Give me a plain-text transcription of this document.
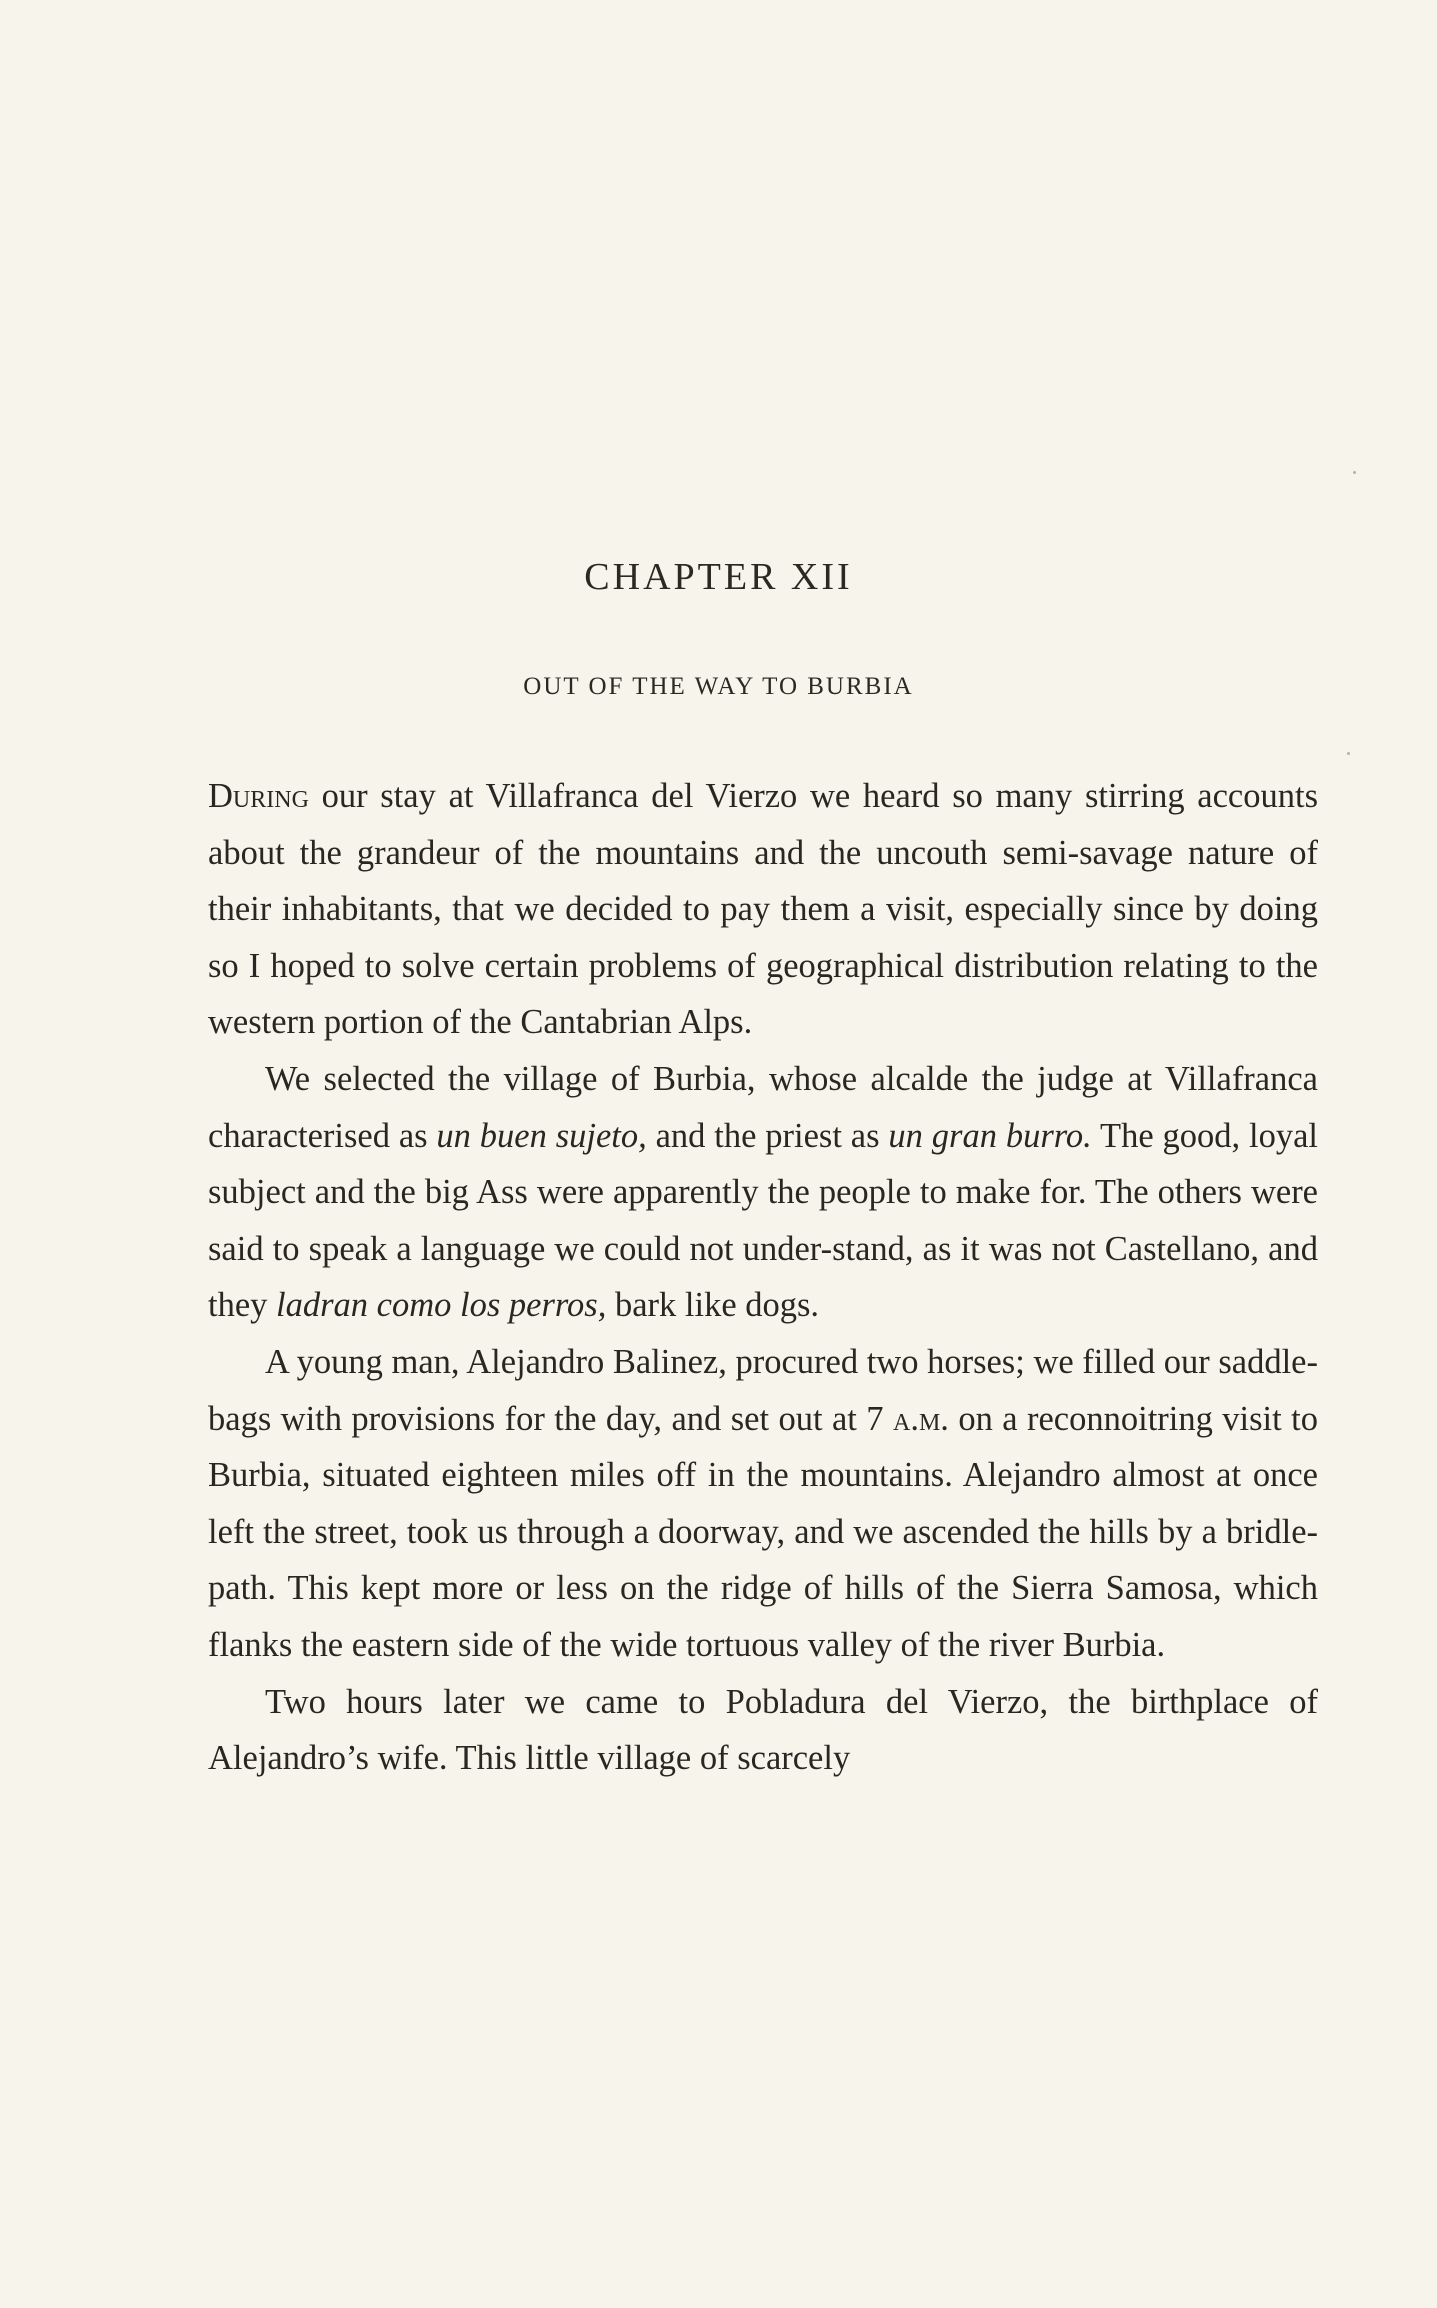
CHAPTER XII
OUT OF THE WAY TO BURBIA

During our stay at Villafranca del Vierzo we heard so many stirring accounts about the grandeur of the mountains and the uncouth semi-savage nature of their inhabitants, that we decided to pay them a visit, especially since by doing so I hoped to solve certain problems of geographical distribution relating to the western portion of the Cantabrian Alps.

We selected the village of Burbia, whose alcalde the judge at Villafranca characterised as un buen sujeto, and the priest as un gran burro. The good, loyal subject and the big Ass were apparently the people to make for. The others were said to speak a language we could not under-stand, as it was not Castellano, and they ladran como los perros, bark like dogs.

A young man, Alejandro Balinez, procured two horses; we filled our saddle-bags with provisions for the day, and set out at 7 a.m. on a reconnoitring visit to Burbia, situated eighteen miles off in the mountains. Alejandro almost at once left the street, took us through a doorway, and we ascended the hills by a bridle-path. This kept more or less on the ridge of hills of the Sierra Samosa, which flanks the eastern side of the wide tortuous valley of the river Burbia.

Two hours later we came to Pobladura del Vierzo, the birthplace of Alejandro’s wife. This little village of scarcely
